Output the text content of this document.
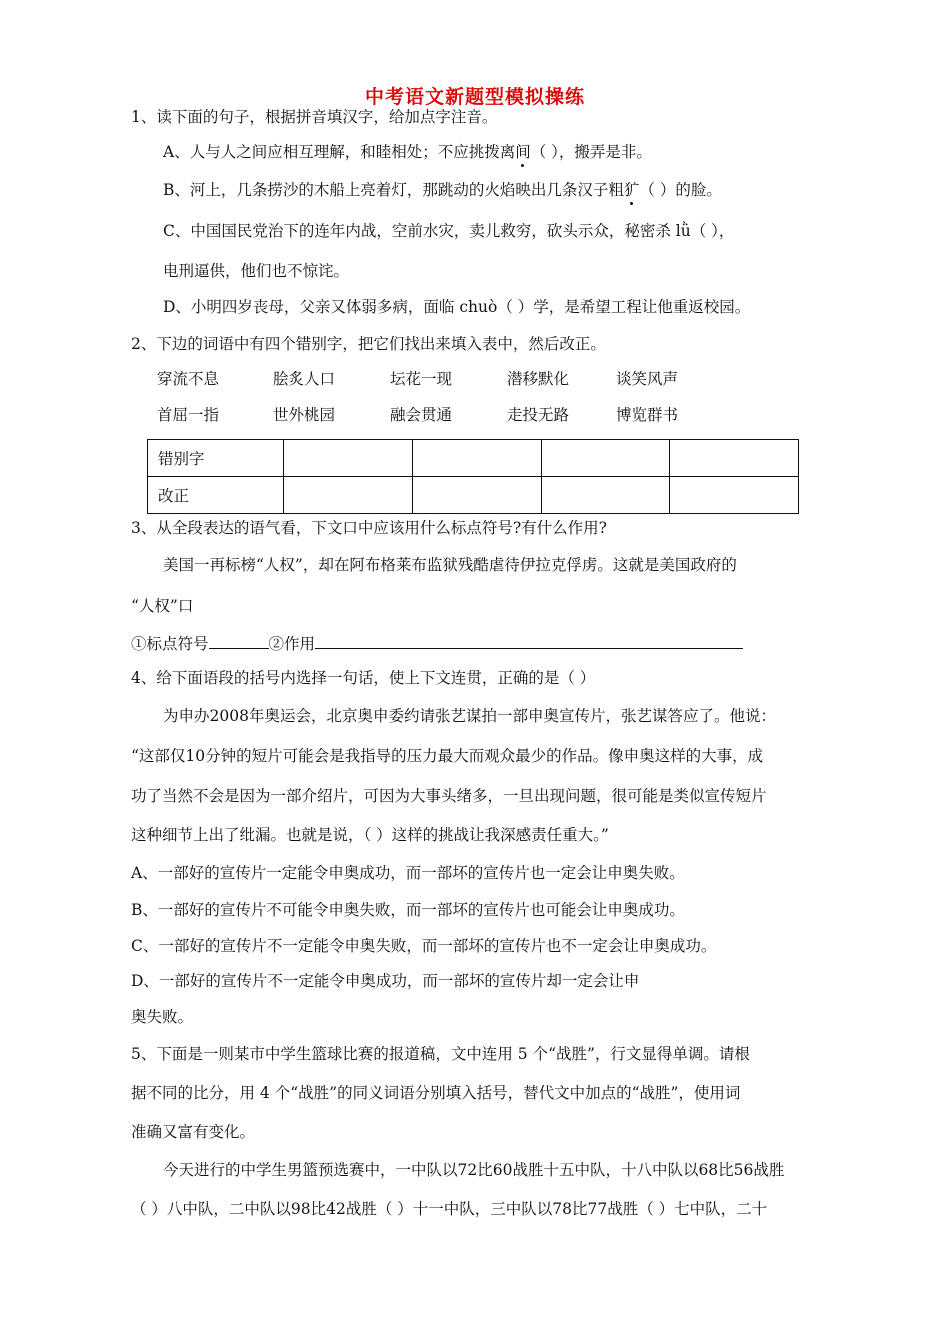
中考语文新题型模拟操练
1、读下面的句子，根据拼音填汉字，给加点字注音。
A、人与人之间应相互理解，和睦相处；不应挑拨离间（ ），搬弄是非。
B、河上，几条捞沙的木船上亮着灯，那跳动的火焰映出几条汉子粗犷（ ）的脸。
C、中国国民党治下的连年内战，空前水灾，卖儿救穷，砍头示众，秘密杀 lǜ（ ），
电刑逼供，他们也不惊诧。
D、小明四岁丧母，父亲又体弱多病，面临 chuò（ ）学，是希望工程让他重返校园。
2、下边的词语中有四个错别字，把它们找出来填入表中，然后改正。
穿流不息	脍炙人口	坛花一现	潜移默化	谈笑风声
首屈一指	世外桃园	融会贯通	走投无路	博览群书
错别字				
改正				
3、从全段表达的语气看，下文口中应该用什么标点符号?有什么作用?
美国一再标榜“人权”，却在阿布格莱布监狱残酷虐待伊拉克俘虏。这就是美国政府的
“人权”口
①标点符号	②作用
4、给下面语段的括号内选择一句话，使上下文连贯，正确的是（ ）
为申办2008年奥运会，北京奥申委约请张艺谋拍一部申奥宣传片，张艺谋答应了。他说：
“这部仅10分钟的短片可能会是我指导的压力最大而观众最少的作品。像申奥这样的大事，成
功了当然不会是因为一部介绍片，可因为大事头绪多，一旦出现问题，很可能是类似宣传短片
这种细节上出了纰漏。也就是说，（ ）这样的挑战让我深感责任重大。”
A、一部好的宣传片一定能令申奥成功，而一部坏的宣传片也一定会让申奥失败。
B、一部好的宣传片不可能令申奥失败，而一部坏的宣传片也可能会让申奥成功。
C、一部好的宣传片不一定能令申奥失败，而一部坏的宣传片也不一定会让申奥成功。
D、一部好的宣传片不一定能令申奥成功，而一部坏的宣传片却一定会让申
奥失败。
5、下面是一则某市中学生篮球比赛的报道稿，文中连用 5 个“战胜”，行文显得单调。请根
据不同的比分，用 4 个“战胜”的同义词语分别填入括号，替代文中加点的“战胜”，使用词
准确又富有变化。
今天进行的中学生男篮预选赛中，一中队以72比60战胜十五中队，十八中队以68比56战胜
（ ）八中队，二中队以98比42战胜（ ）十一中队，三中队以78比77战胜（ ）七中队，二十
